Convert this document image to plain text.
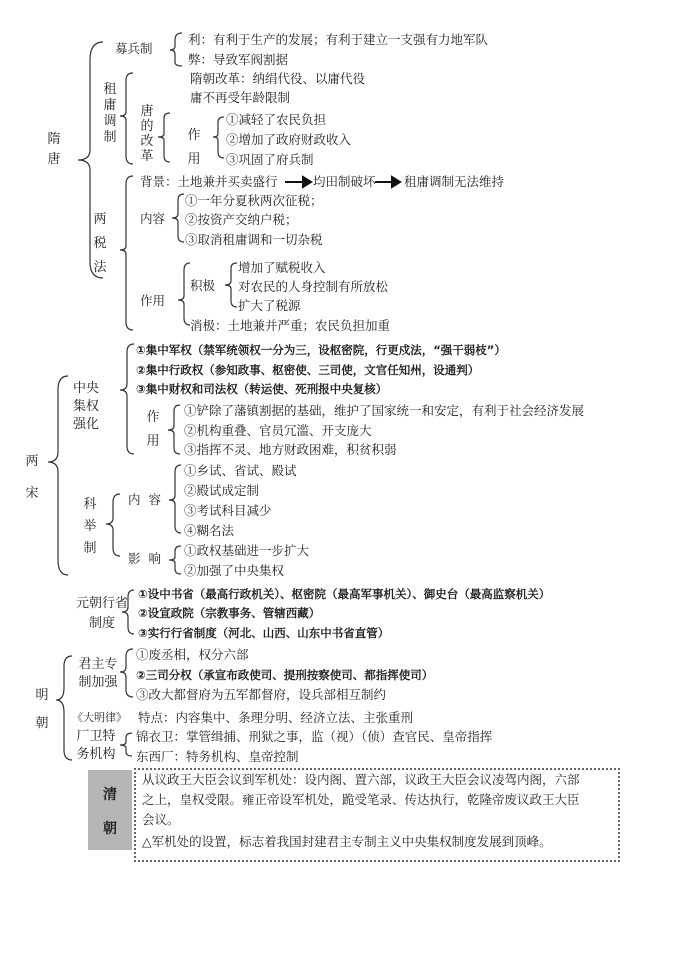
隋唐
募兵制
利：有利于生产的发展；有利于建立一支强有力地军队
弊：导致军阀割据
租庸调制
隋朝改革：纳绢代役、以庸代役
庸不再受年龄限制
唐的改革
作用
①减轻了农民负担
②增加了政府财政收入
③巩固了府兵制
两税法
背景：土地兼并买卖盛行	均田制破坏 租庸调制无法维持
内容
①一年分夏秋两次征税；
②按资产交纳户税；
③取消租庸调和一切杂税
作用
积极
增加了赋税收入
对农民的人身控制有所放松
扩大了税源
消极：土地兼并严重；农民负担加重
两宋
中央集权强化
①集中军权（禁军统领权一分为三，设枢密院，行更戍法，“强干弱枝”）
②集中行政权（参知政事、枢密使、三司使，文官任知州，设通判）
③集中财权和司法权（转运使、死刑报中央复核）
作用
①铲除了藩镇割据的基础，维护了国家统一和安定，有利于社会经济发展
②机构重叠、官员冗滥、开支庞大
③指挥不灵、地方财政困难，积贫积弱
科举制
内容
①乡试、省试、殿试
②殿试成定制
③考试科目减少
④糊名法
影响
①政权基础进一步扩大
②加强了中央集权
元朝行省制度
①设中书省（最高行政机关）、枢密院（最高军事机关）、御史台（最高监察机关）
②设宣政院（宗教事务、管辖西藏）
③实行行省制度（河北、山西、山东中书省直管）
明朝
君主专制加强
①废丞相，权分六部
②三司分权（承宣布政使司、提刑按察使司、都指挥使司）
③改大都督府为五军都督府，设兵部相互制约
《大明律》 特点：内容集中、条理分明、经济立法、主张重刑
厂卫特务机构
锦衣卫：掌管缉捕、刑狱之事，监（视）（侦）查官民、皇帝指挥
东西厂：特务机构、皇帝控制
清
朝
从议政王大臣会议到军机处：设内阁、置六部，议政王大臣会议凌驾内阁，六部
之上，皇权受限。雍正帝设军机处，跪受笔录、传达执行，乾隆帝废议政王大臣
会议。
△军机处的设置，标志着我国封建君主专制主义中央集权制度发展到顶峰。
